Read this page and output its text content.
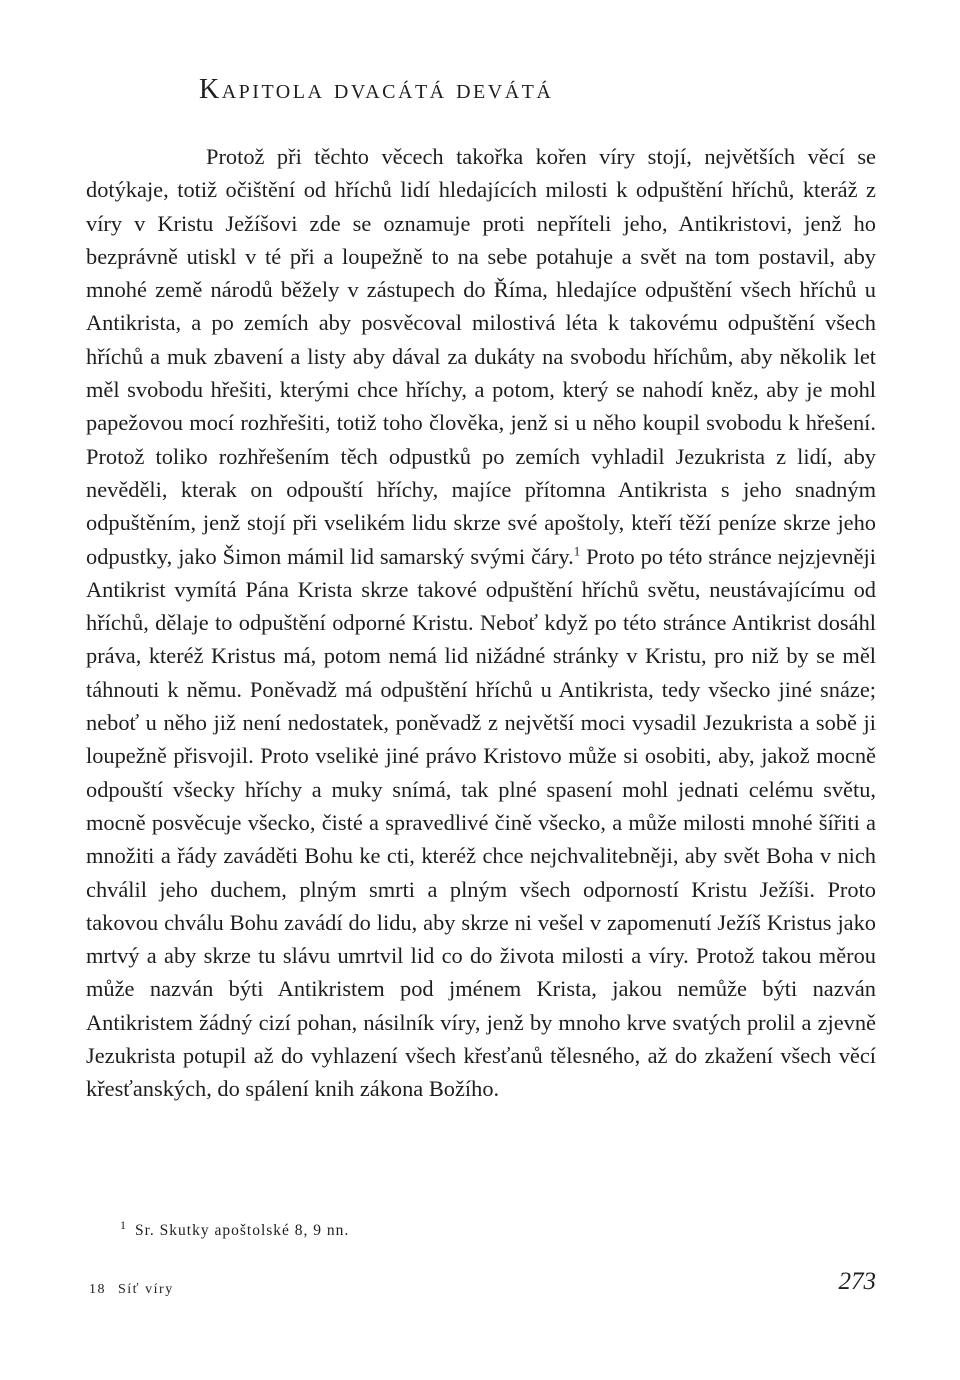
Kapitola dvacátá devátá

Protož při těchto věcech takořka kořen víry stojí, největších věcí se dotýkaje, totiž očištění od hříchů lidí hledajících milosti k odpuštění hříchů, kteráž z víry v Kristu Ježíšovi zde se oznamuje proti nepříteli jeho, Antikristovi, jenž ho bezprávně utiskl v té při a loupežně to na sebe potahuje a svět na tom postavil, aby mnohé země národů běžely v zástupech do Říma, hledajíce odpuštění všech hříchů u Antikrista, a po zemích aby posvěcoval milostivá léta k takovému odpuštění všech hříchů a muk zbavení a listy aby dával za dukáty na svobodu hříchům, aby několik let měl svobodu hřešiti, kterými chce hříchy, a potom, který se nahodí kněz, aby je mohl papežovou mocí rozhřešiti, totiž toho člověka, jenž si u něho koupil svobodu k hřešení. Protož toliko rozhřešením těch odpustků po zemích vyhladil Jezukrista z lidí, aby nevěděli, kterak on odpouští hříchy, majíce přítomna Antikrista s jeho snadným odpuštěním, jenž stojí při vselikém lidu skrze své apoštoly, kteří těží peníze skrze jeho odpustky, jako Šimon mámil lid samarský svými čáry.$^1$ Proto po této stránce nejzjevněji Antikrist vymítá Pána Krista skrze takové odpuštění hříchů světu, neustávajícímu od hříchů, dělaje to odpuštění odporné Kristu. Neboť když po této stránce Antikrist dosáhl práva, kteréž Kristus má, potom nemá lid nižádné stránky v Kristu, pro niž by se měl táhnouti k němu. Poněvadž má odpuštění hříchů u Antikrista, tedy všecko jiné snáze; neboť u něho již není nedostatek, poněvadž z největší moci vysadil Jezukrista a sobě ji loupežně přisvojil. Proto vselikė jiné právo Kristovo může si osobiti, aby, jakož mocně odpouští všecky hříchy a muky snímá, tak plné spasení mohl jednati celému světu, mocně posvěcuje všecko, čisté a spravedlivé čině všecko, a může milosti mnohé šířiti a množiti a řády zaváděti Bohu ke cti, kteréž chce nejchvalitebněji, aby svět Boha v nich chválil jeho duchem, plným smrti a plným všech odporností Kristu Ježíši. Proto takovou chválu Bohu zavádí do lidu, aby skrze ni vešel v zapomenutí Ježíš Kristus jako mrtvý a aby skrze tu slávu umrtvil lid co do života milosti a víry. Protož takou měrou může nazván býti Antikristem pod jménem Krista, jakou nemůže býti nazván Antikristem žádný cizí pohan, násilník víry, jenž by mnoho krve svatých prolil a zjevně Jezukrista potupil až do vyhlazení všech křesťanů tělesného, až do zkažení všech věcí křesťanských, do spálení knih zákona Božího.

$^1$ Sr. Skutky apoštolské 8, 9 nn.

18 Síť víry	273
